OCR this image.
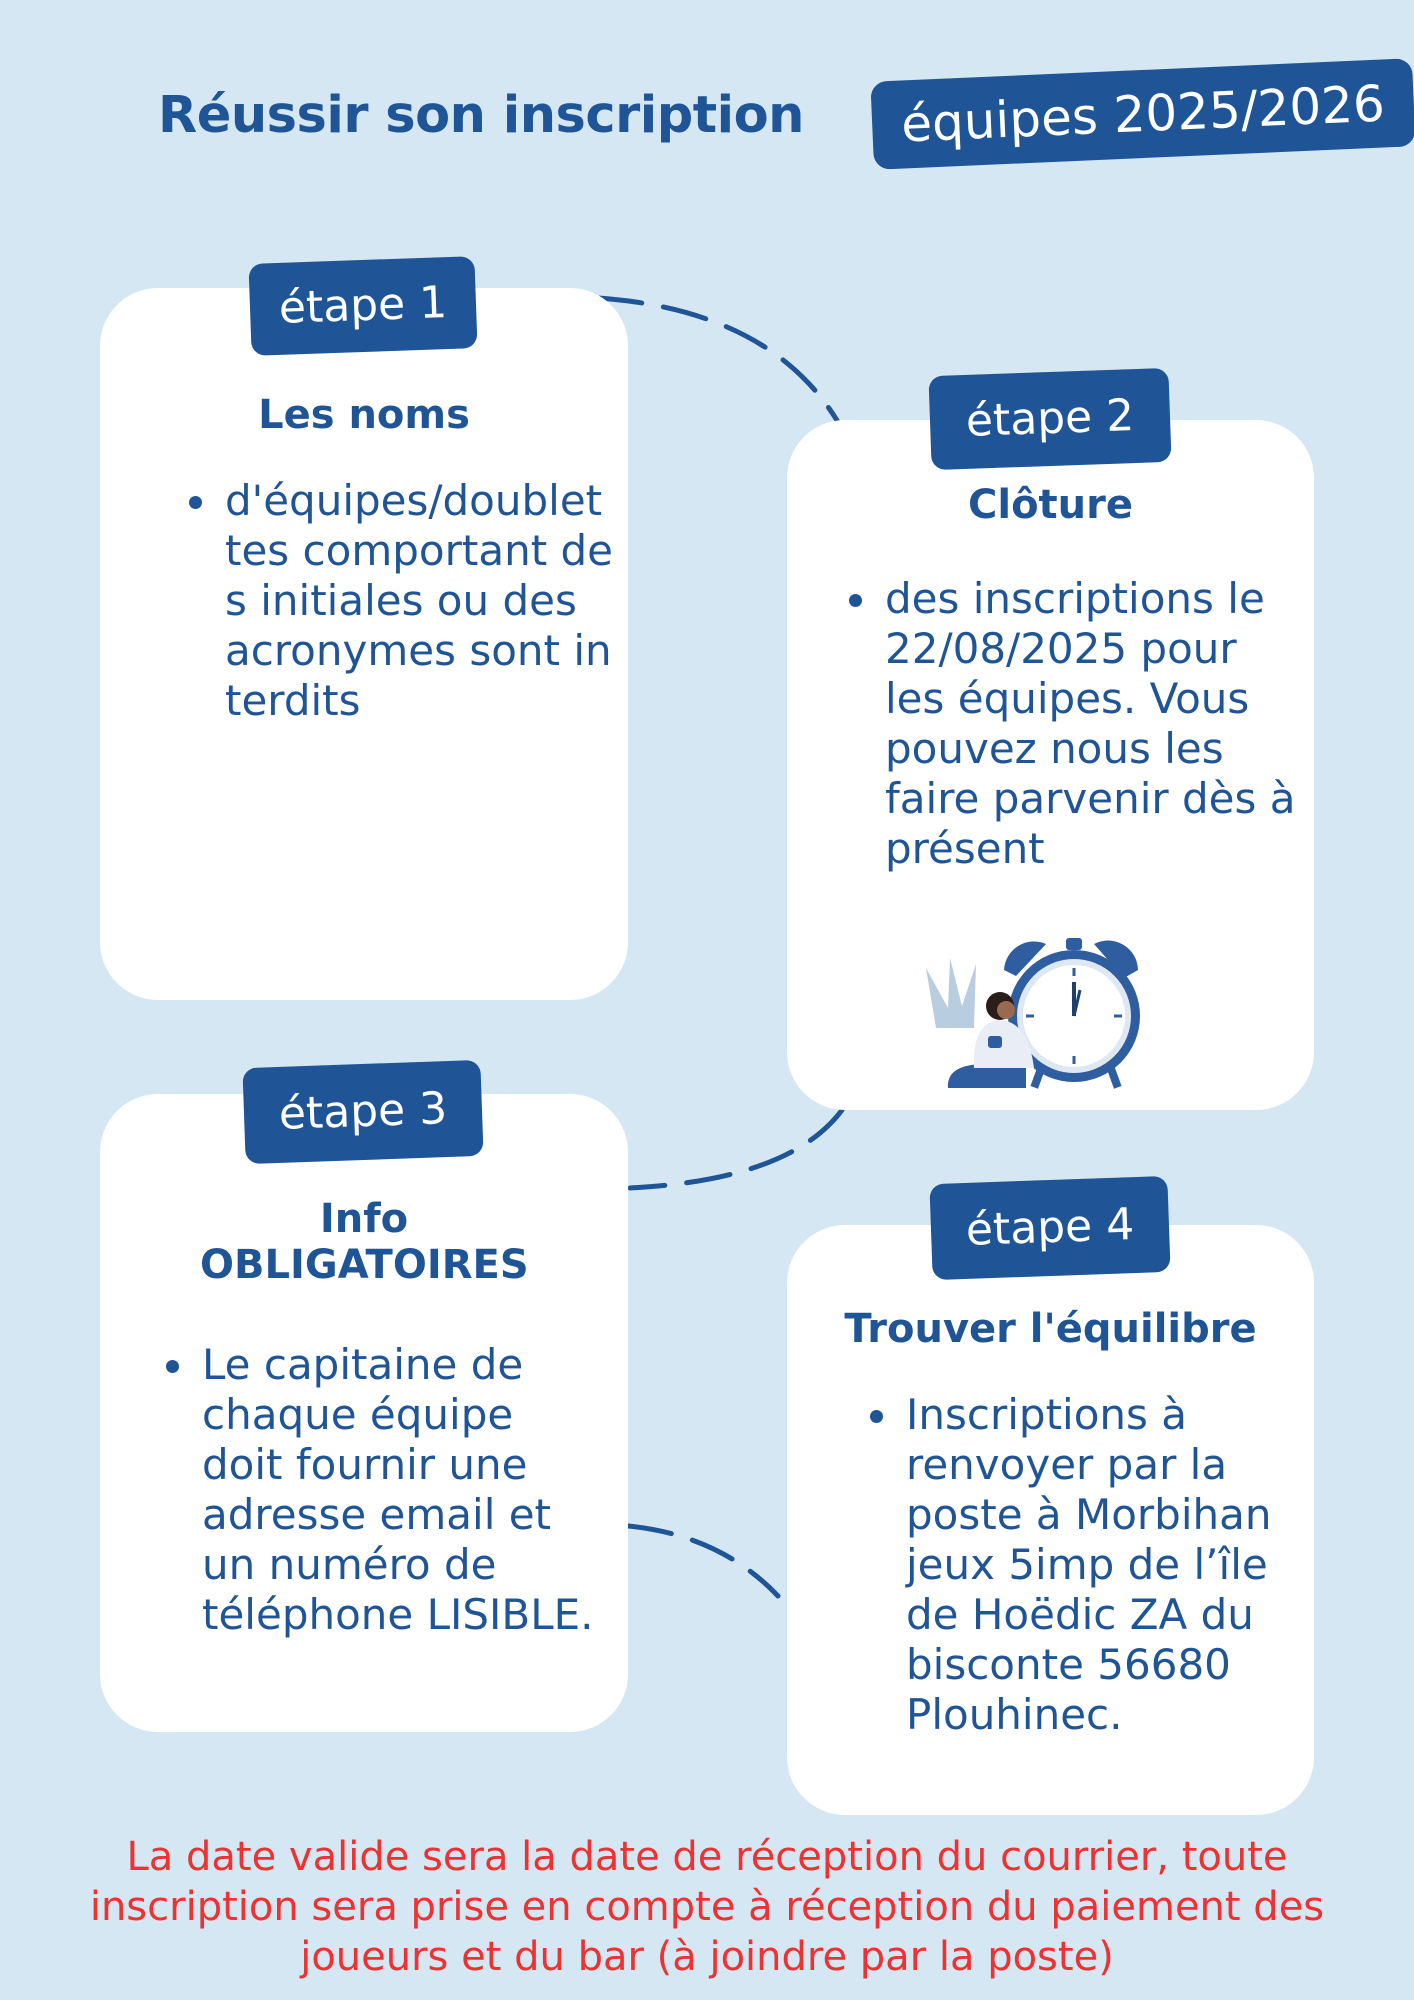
Réussir son inscription	équipes 2025/2026
étape 1
Les noms
d'équipes/doublettes comportant des initiales ou des acronymes sont interdits
étape 2
Clôture
des inscriptions le 22/08/2025 pour les équipes. Vous pouvez nous les faire parvenir dès à présent
étape 3
Info OBLIGATOIRES
Le capitaine de chaque équipe doit fournir une adresse email et un numéro de téléphone LISIBLE.
étape 4
Trouver l'équilibre
Inscriptions à renvoyer par la poste à Morbihan jeux 5imp de l’île de Hoëdic ZA du bisconte 56680 Plouhinec.
La date valide sera la date de réception du courrier, toute inscription sera prise en compte à réception du paiement des joueurs et du bar (à joindre par la poste)
